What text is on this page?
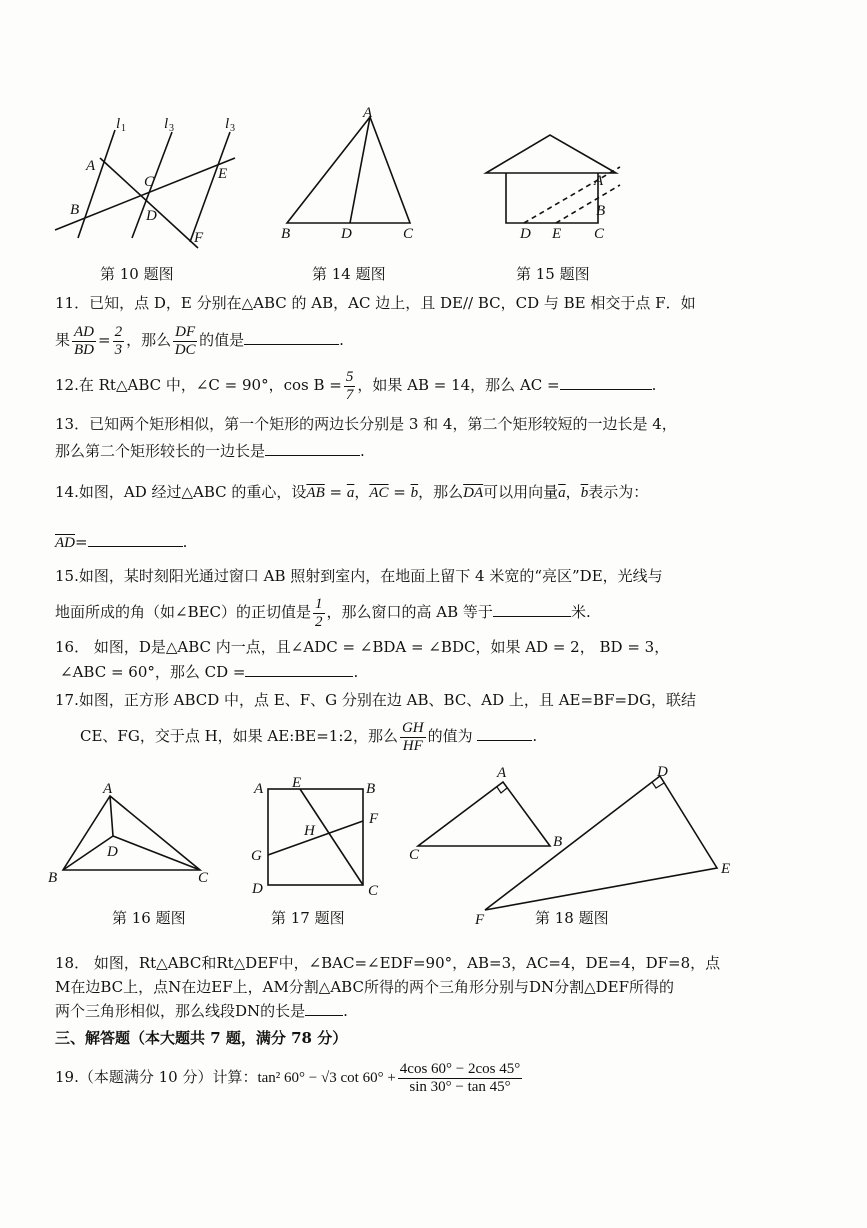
l 1	l 3	l 3
A
B
C
D
E
F
第 10 题图
A
B	D	C
第 14 题图
A
B
D E C
第 15 题图
11．已知，点 D，E 分别在△ABC 的 AB，AC 边上，且 DE// BC，CD 与 BE 相交于点 F．如
果 $\frac{AD}{BD} = \frac{2}{3}$ ，那么 $\frac{DF}{DC}$ 的值是	.
12.在 Rt△ABC 中，∠C = 90°，$\cos B = \frac{5}{7}$ ，如果 AB = 14，那么 AC =	.
13．已知两个矩形相似，第一个矩形的两边长分别是 3 和 4，第二个矩形较短的一边长是 4，
那么第二个矩形较长的一边长是	.
14.如图，AD 经过△ABC 的重心，设$\overline{AB} = \overline{a}$，$\overline{AC} = \overline{b}$，那么$\overline{DA}$可以用向量$\overline{a}$，$\overline{b}$表示为：
$\overline{AD}=$	.
15.如图，某时刻阳光通过窗口 AB 照射到室内，在地面上留下 4 米宽的“亮区”DE，光线与
地面所成的角（如∠BEC）的正切值是 $\frac{1}{2}$ ，那么窗口的高 AB 等于	米.
16． 如图，D是△ABC 内一点，且∠ADC = ∠BDA = ∠BDC，如果 AD = 2， BD = 3，
∠ABC = 60°，那么 CD =	.
17.如图，正方形 ABCD 中，点 E、F、G 分别在边 AB、BC、AD 上，且 AE=BF=DG，联结
CE、FG，交于点 H，如果 AE:BE=1:2，那么 $\frac{GH}{HF}$ 的值为	.
A
B	C
D
第 16 题图
A E	B
F
H
G
D	C
第 17 题图
A
B
C
D
E
F	第 18 题图
18． 如图，Rt△ABC和Rt△DEF中，∠BAC=∠EDF=90°，AB=3，AC=4，DE=4，DF=8，点
M在边BC上，点N在边EF上，AM分割△ABC所得的两个三角形分别与DN分割△DEF所得的
两个三角形相似，那么线段DN的长是	.
三、解答题（本大题共 7 题，满分 78 分）
19.（本题满分 10 分）计算：tan² 60° − √3 $\cot 60^\circ + \frac{4\cos 60^\circ - 2\cos 45^\circ}{\sin 30^\circ - \tan 45^\circ}$
